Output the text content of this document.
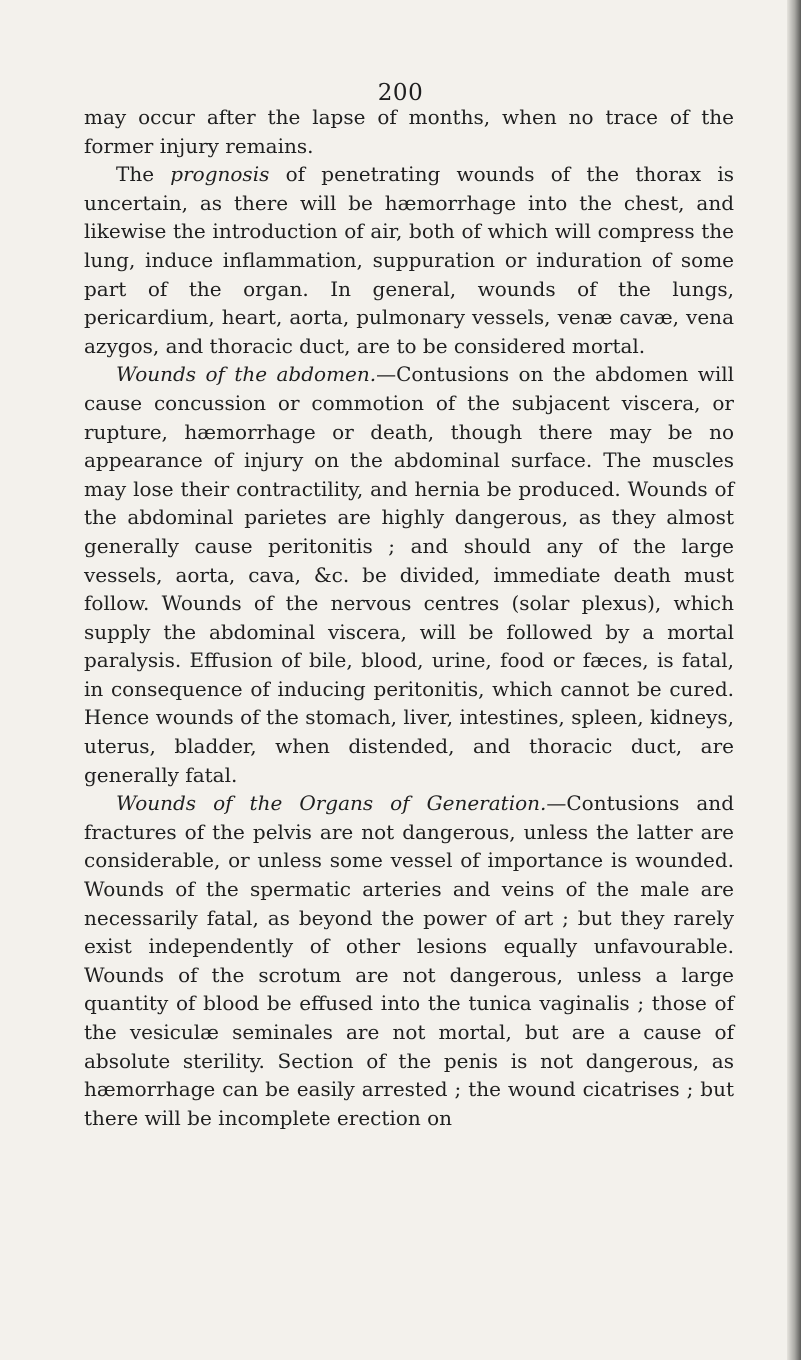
200

may occur after the lapse of months, when no trace of the former injury remains.

The prognosis of penetrating wounds of the thorax is uncertain, as there will be hæmorrhage into the chest, and likewise the introduction of air, both of which will compress the lung, induce inflammation, suppuration or induration of some part of the organ. In general, wounds of the lungs, pericardium, heart, aorta, pulmonary vessels, venæ cavæ, vena azygos, and thoracic duct, are to be considered mortal.

Wounds of the abdomen.—Contusions on the abdomen will cause concussion or commotion of the subjacent viscera, or rupture, hæmorrhage or death, though there may be no appearance of injury on the abdominal surface. The muscles may lose their contractility, and hernia be produced. Wounds of the abdominal parietes are highly dangerous, as they almost generally cause peritonitis ; and should any of the large vessels, aorta, cava, &c. be divided, immediate death must follow. Wounds of the nervous centres (solar plexus), which supply the abdominal viscera, will be followed by a mortal paralysis. Effusion of bile, blood, urine, food or fæces, is fatal, in consequence of inducing peritonitis, which cannot be cured. Hence wounds of the stomach, liver, intestines, spleen, kidneys, uterus, bladder, when distended, and thoracic duct, are generally fatal.

Wounds of the Organs of Generation.—Contusions and fractures of the pelvis are not dangerous, unless the latter are considerable, or unless some vessel of importance is wounded. Wounds of the spermatic arteries and veins of the male are necessarily fatal, as beyond the power of art ; but they rarely exist independently of other lesions equally unfavourable. Wounds of the scrotum are not dangerous, unless a large quantity of blood be effused into the tunica vaginalis ; those of the vesiculæ seminales are not mortal, but are a cause of absolute sterility. Section of the penis is not dangerous, as hæmorrhage can be easily arrested ; the wound cicatrises ; but there will be incomplete erection on
